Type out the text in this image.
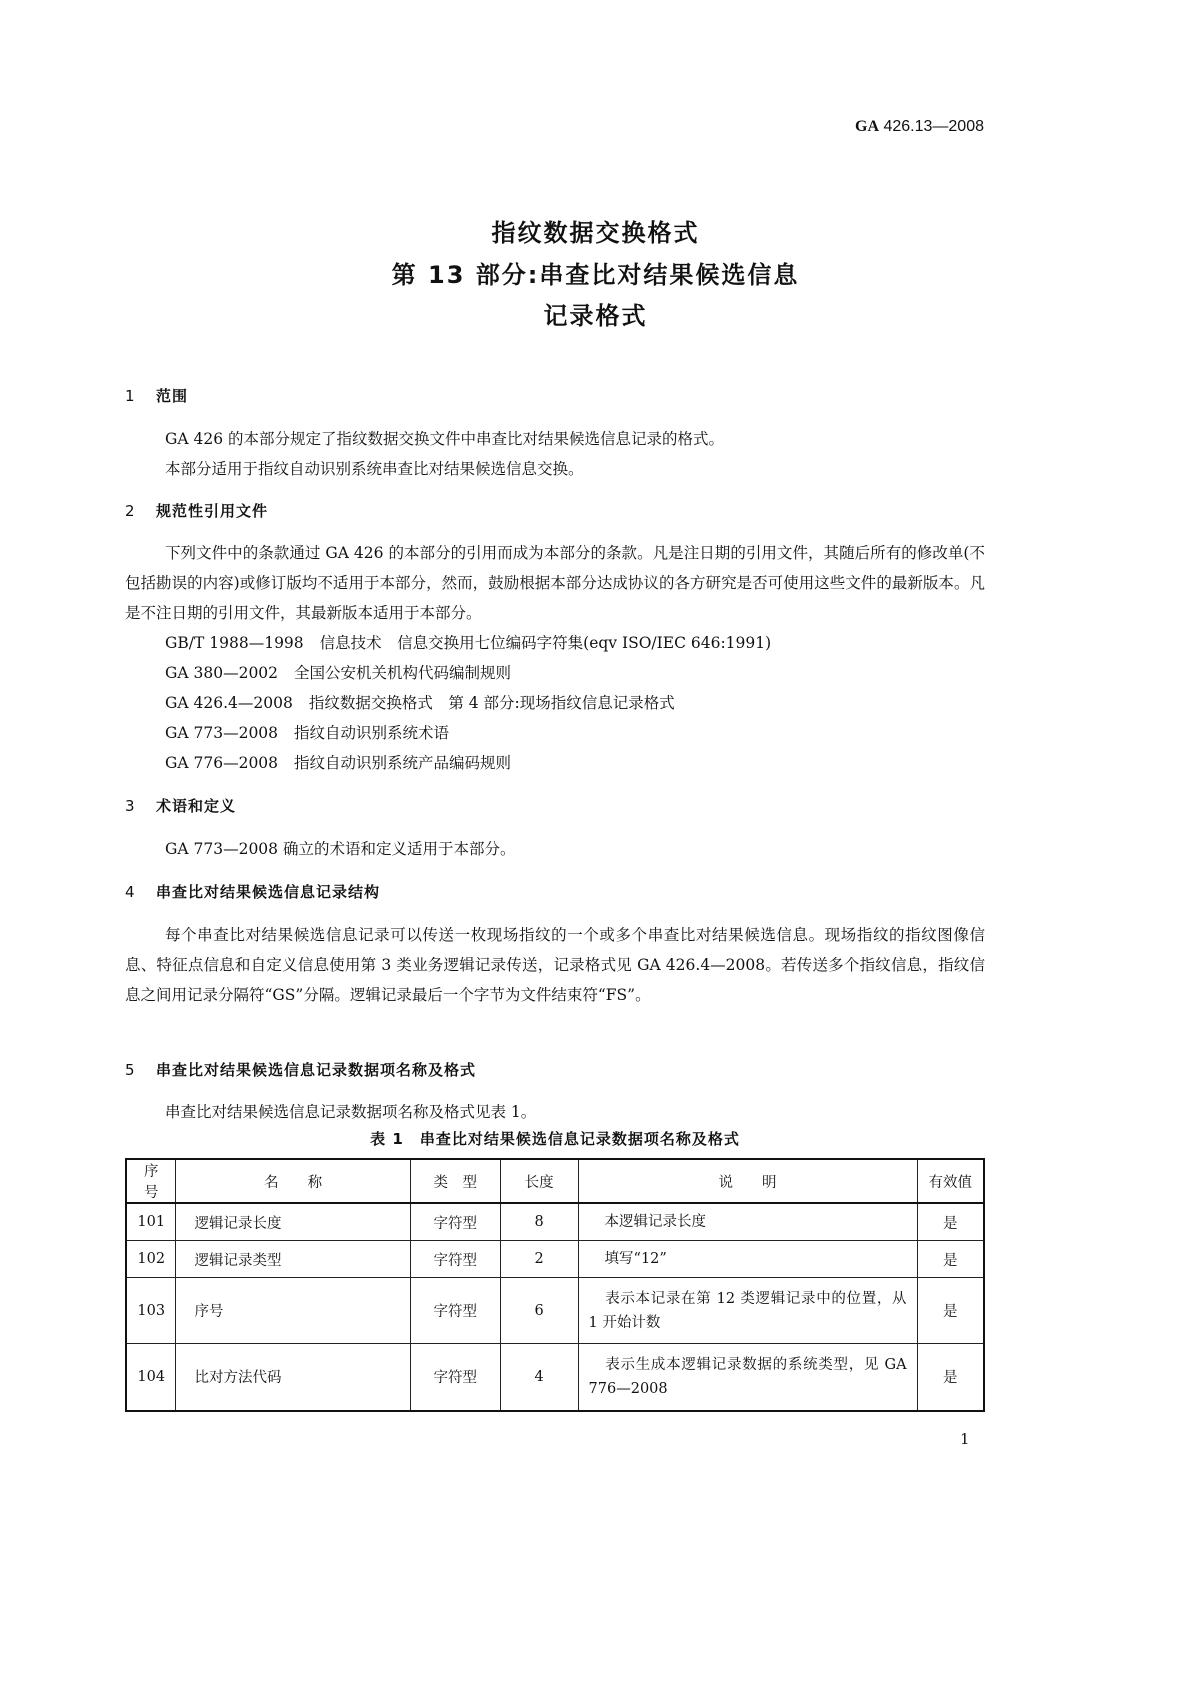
GA 426.13—2008
指纹数据交换格式
第 13 部分:串查比对结果候选信息
记录格式
1 范围
GA 426 的本部分规定了指纹数据交换文件中串查比对结果候选信息记录的格式。
本部分适用于指纹自动识别系统串查比对结果候选信息交换。
2 规范性引用文件
下列文件中的条款通过 GA 426 的本部分的引用而成为本部分的条款。凡是注日期的引用文件，其随后所有的修改单(不包括勘误的内容)或修订版均不适用于本部分，然而，鼓励根据本部分达成协议的各方研究是否可使用这些文件的最新版本。凡是不注日期的引用文件，其最新版本适用于本部分。
GB/T 1988—1998 信息技术　信息交换用七位编码字符集(eqv ISO/IEC 646:1991)
GA 380—2002 全国公安机关机构代码编制规则
GA 426.4—2008 指纹数据交换格式　第 4 部分:现场指纹信息记录格式
GA 773—2008 指纹自动识别系统术语
GA 776—2008 指纹自动识别系统产品编码规则
3 术语和定义
GA 773—2008 确立的术语和定义适用于本部分。
4 串查比对结果候选信息记录结构
每个串查比对结果候选信息记录可以传送一枚现场指纹的一个或多个串查比对结果候选信息。现场指纹的指纹图像信息、特征点信息和自定义信息使用第 3 类业务逻辑记录传送，记录格式见 GA 426.4—2008。若传送多个指纹信息，指纹信息之间用记录分隔符“GS”分隔。逻辑记录最后一个字节为文件结束符“FS”。
5 串查比对结果候选信息记录数据项名称及格式
串查比对结果候选信息记录数据项名称及格式见表 1。
表 1　串查比对结果候选信息记录数据项名称及格式
序号	名　　称	类　型	长度	说　　明	有效值
101	逻辑记录长度	字符型	8	本逻辑记录长度	是
102	逻辑记录类型	字符型	2	填写“12”	是
103	序号	字符型	6	表示本记录在第 12 类逻辑记录中的位置，从 1 开始计数	是
104	比对方法代码	字符型	4	表示生成本逻辑记录数据的系统类型，见 GA 776—2008	是
1
